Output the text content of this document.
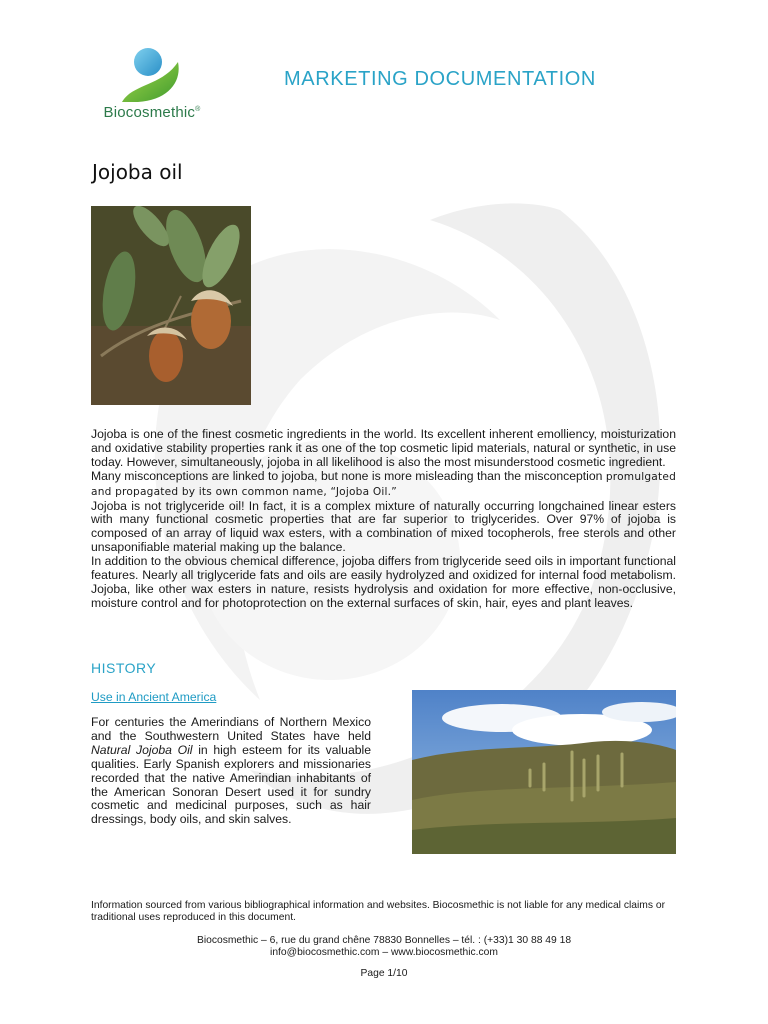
Biocosmethic®
MARKETING DOCUMENTATION
Jojoba oil

Jojoba is one of the finest cosmetic ingredients in the world. Its excellent inherent emolliency, moisturization and oxidative stability properties rank it as one of the top cosmetic lipid materials, natural or synthetic, in use today. However, simultaneously, jojoba in all likelihood is also the most misunderstood cosmetic ingredient.

Many misconceptions are linked to jojoba, but none is more misleading than the misconception promulgated and propagated by its own common name, “Jojoba Oil.”

Jojoba is not triglyceride oil! In fact, it is a complex mixture of naturally occurring longchained linear esters with many functional cosmetic properties that are far superior to triglycerides. Over 97% of jojoba is composed of an array of liquid wax esters, with a combination of mixed tocopherols, free sterols and other unsaponifiable material making up the balance.

In addition to the obvious chemical difference, jojoba differs from triglyceride seed oils in important functional features. Nearly all triglyceride fats and oils are easily hydrolyzed and oxidized for internal food metabolism. Jojoba, like other wax esters in nature, resists hydrolysis and oxidation for more effective, non-occlusive, moisture control and for photoprotection on the external surfaces of skin, hair, eyes and plant leaves.

HISTORY
Use in Ancient America

For centuries the Amerindians of Northern Mexico and the Southwestern United States have held Natural Jojoba Oil in high esteem for its valuable qualities. Early Spanish explorers and missionaries recorded that the native Amerindian inhabitants of the American Sonoran Desert used it for sundry cosmetic and medicinal purposes, such as hair dressings, body oils, and skin salves.

Information sourced from various bibliographical information and websites. Biocosmethic is not liable for any medical claims or traditional uses reproduced in this document.

Biocosmethic – 6, rue du grand chêne 78830 Bonnelles – tél. : (+33)1 30 88 49 18
info@biocosmethic.com – www.biocosmethic.com
Page 1/10
